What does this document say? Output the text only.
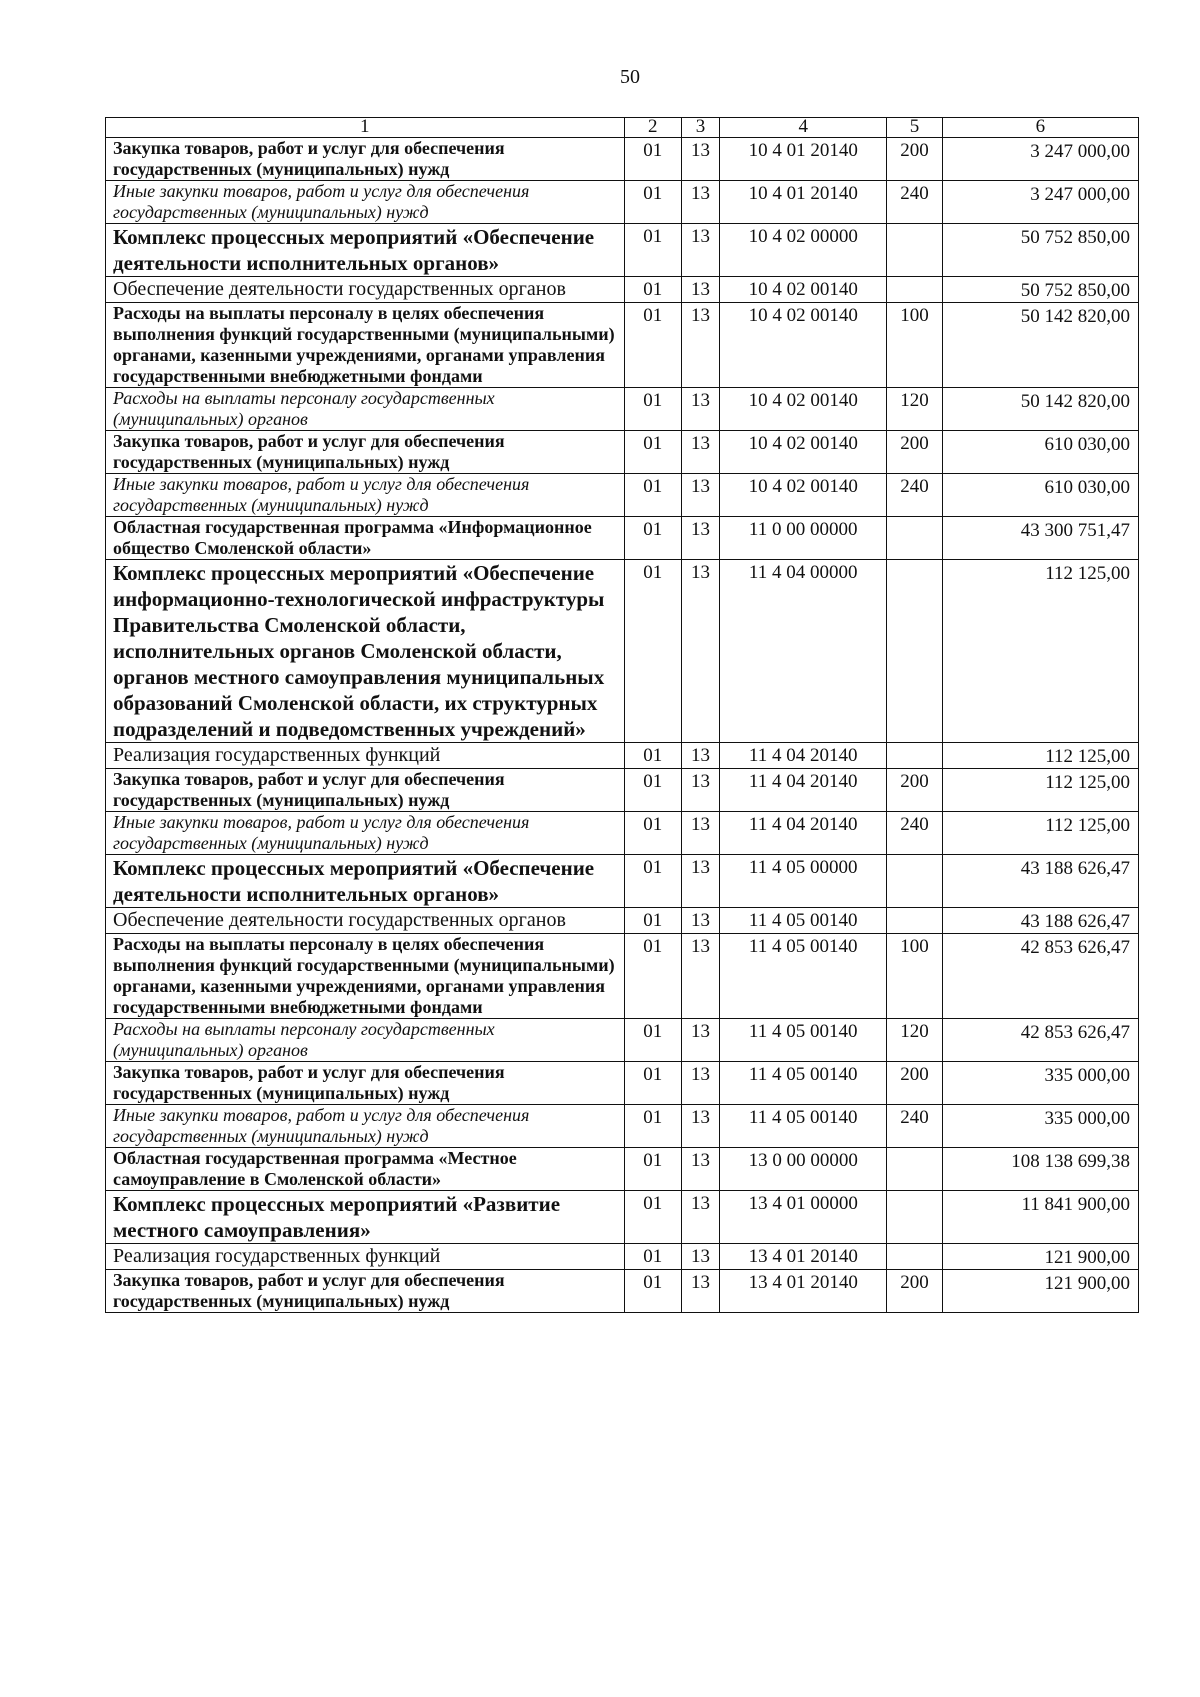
50
1	2	3	4	5	6
Закупка товаров, работ и услуг для обеспечения государственных (муниципальных) нужд	01	13	10 4 01 20140	200	3 247 000,00
Иные закупки товаров, работ и услуг для обеспечения государственных (муниципальных) нужд	01	13	10 4 01 20140	240	3 247 000,00
Комплекс процессных мероприятий «Обеспечение деятельности исполнительных органов»	01	13	10 4 02 00000		50 752 850,00
Обеспечение деятельности государственных органов	01	13	10 4 02 00140		50 752 850,00
Расходы на выплаты персоналу в целях обеспечения выполнения функций государственными (муниципальными) органами, казенными учреждениями, органами управления государственными внебюджетными фондами	01	13	10 4 02 00140	100	50 142 820,00
Расходы на выплаты персоналу государственных (муниципальных) органов	01	13	10 4 02 00140	120	50 142 820,00
Закупка товаров, работ и услуг для обеспечения государственных (муниципальных) нужд	01	13	10 4 02 00140	200	610 030,00
Иные закупки товаров, работ и услуг для обеспечения государственных (муниципальных) нужд	01	13	10 4 02 00140	240	610 030,00
Областная государственная программа «Информационное общество Смоленской области»	01	13	11 0 00 00000		43 300 751,47
Комплекс процессных мероприятий «Обеспечение информационно-технологической инфраструктуры Правительства Смоленской области, исполнительных органов Смоленской области, органов местного самоуправления муниципальных образований Смоленской области, их структурных подразделений и подведомственных учреждений»	01	13	11 4 04 00000		112 125,00
Реализация государственных функций	01	13	11 4 04 20140		112 125,00
Закупка товаров, работ и услуг для обеспечения государственных (муниципальных) нужд	01	13	11 4 04 20140	200	112 125,00
Иные закупки товаров, работ и услуг для обеспечения государственных (муниципальных) нужд	01	13	11 4 04 20140	240	112 125,00
Комплекс процессных мероприятий «Обеспечение деятельности исполнительных органов»	01	13	11 4 05 00000		43 188 626,47
Обеспечение деятельности государственных органов	01	13	11 4 05 00140		43 188 626,47
Расходы на выплаты персоналу в целях обеспечения выполнения функций государственными (муниципальными) органами, казенными учреждениями, органами управления государственными внебюджетными фондами	01	13	11 4 05 00140	100	42 853 626,47
Расходы на выплаты персоналу государственных (муниципальных) органов	01	13	11 4 05 00140	120	42 853 626,47
Закупка товаров, работ и услуг для обеспечения государственных (муниципальных) нужд	01	13	11 4 05 00140	200	335 000,00
Иные закупки товаров, работ и услуг для обеспечения государственных (муниципальных) нужд	01	13	11 4 05 00140	240	335 000,00
Областная государственная программа «Местное самоуправление в Смоленской области»	01	13	13 0 00 00000		108 138 699,38
Комплекс процессных мероприятий «Развитие местного самоуправления»	01	13	13 4 01 00000		11 841 900,00
Реализация государственных функций	01	13	13 4 01 20140		121 900,00
Закупка товаров, работ и услуг для обеспечения государственных (муниципальных) нужд	01	13	13 4 01 20140	200	121 900,00
